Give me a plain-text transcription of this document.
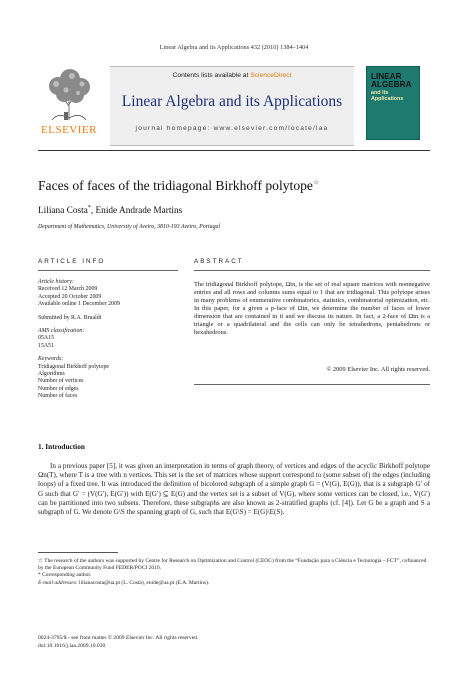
Linear Algebra and its Applications 432 (2010) 1384–1404
ELSEVIER
Contents lists available at ScienceDirect
Linear Algebra and its Applications
journal homepage: www.elsevier.com/locate/laa
LINEAR
ALGEBRA
and Its
Applications
Faces of faces of the tridiagonal Birkhoff polytope☆
Liliana Costa*, Enide Andrade Martins
Department of Mathematics, University of Aveiro, 3810-193 Aveiro, Portugal
ARTICLE INFO
Article history:
Received 12 March 2009
Accepted 20 October 2009
Available online 1 December 2009
Submitted by R.A. Brualdi
AMS classification:
05A15
15A51
Keywords:
Tridiagonal Birkhoff polytope
Algorithms
Number of vertices
Number of edges
Number of faces
ABSTRACT
The tridiagonal Birkhoff polytope, Ωtn, is the set of real square matrices with nonnegative entries and all rows and columns sums equal to 1 that are tridiagonal. This polytope arises in many problems of enumerative combinatorics, statistics, combinatorial optimization, etc. In this paper, for a given a p-face of Ωtn, we determine the number of faces of lower dimension that are contained in it and we discuss its nature. In fact, a 2-face of Ωtn is a triangle or a quadrilateral and the cells can only be tetrahedrons, pentahedrons or hexahedrons.
© 2009 Elsevier Inc. All rights reserved.
1. Introduction

In a previous paper [5], it was given an interpretation in terms of graph theory, of vertices and edges of the acyclic Birkhoff polytope Ωn(T), where T is a tree with n vertices. This set is the set of matrices whose support correspond to (some subset of) the edges (including loops) of a fixed tree. It was introduced the definition of bicolored subgraph of a simple graph G = (V(G), E(G)), that is a subgraph G′ of G such that G′ = (V(G′), E(G′)) with E(G′) ⊆ E(G) and the vertex set is a subset of V(G), where some vertices can be closed, i.e., V(G′) can be partitioned into two subsets. Therefore, these subgraphs are also known as 2-stratified graphs (cf. [4]). Let G be a graph and S a subgraph of G. We denote G\S the spanning graph of G, such that E(G\S) = E(G)\E(S).

☆ The research of the authors was supported by Centre for Research on Optimization and Control (CEOC) from the “Fundação para a Ciência e Tecnologia – FCT”, cofinanced by the European Community Fund FEDER/POCI 2010.

* Corresponding author.

E-mail addresses: lilianacosta@ua.pt (L. Costa), enide@ua.pt (E.A. Martins).

0024-3795/$ - see front matter © 2009 Elsevier Inc. All rights reserved.
doi:10.1016/j.laa.2009.10.030
